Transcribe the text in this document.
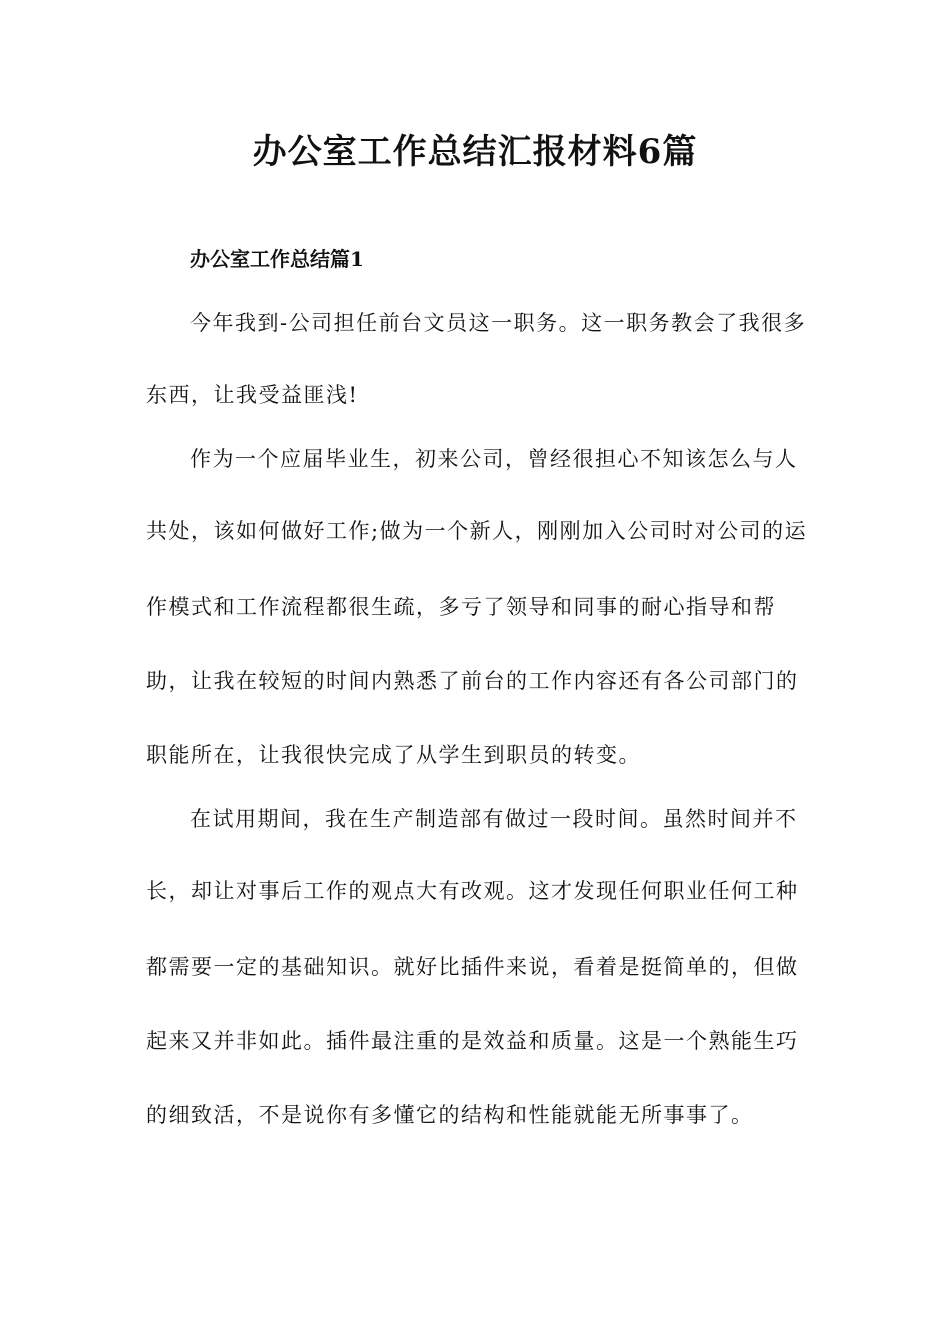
办公室工作总结汇报材料6篇
办公室工作总结篇1
今年我到-公司担任前台文员这一职务。这一职务教会了我很多
东西，让我受益匪浅!
作为一个应届毕业生，初来公司，曾经很担心不知该怎么与人
共处，该如何做好工作;做为一个新人，刚刚加入公司时对公司的运
作模式和工作流程都很生疏，多亏了领导和同事的耐心指导和帮
助，让我在较短的时间内熟悉了前台的工作内容还有各公司部门的
职能所在，让我很快完成了从学生到职员的转变。
在试用期间，我在生产制造部有做过一段时间。虽然时间并不
长，却让对事后工作的观点大有改观。这才发现任何职业任何工种
都需要一定的基础知识。就好比插件来说，看着是挺简单的，但做
起来又并非如此。插件最注重的是效益和质量。这是一个熟能生巧
的细致活，不是说你有多懂它的结构和性能就能无所事事了。
